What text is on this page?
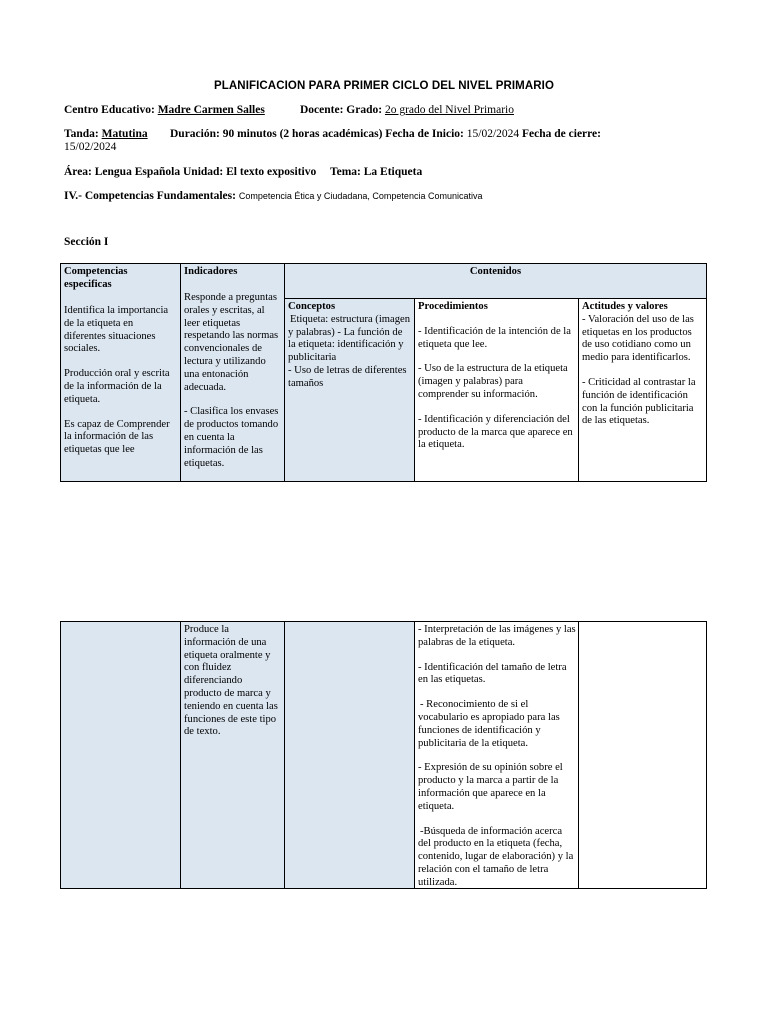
PLANIFICACION PARA PRIMER CICLO DEL NIVEL PRIMARIO
Centro Educativo: Madre Carmen Salles	Docente: Grado: 2o grado del Nivel Primario
Tanda: Matutina Duración: 90 minutos (2 horas académicas) Fecha de Inicio: 15/02/2024 Fecha de cierre:
15/02/2024
Área: Lengua Española Unidad: El texto expositivo Tema: La Etiqueta
IV.- Competencias Fundamentales: Competencia Ética y Ciudadana, Competencia Comunicativa
Sección I
Competencias especificas
Indicadores	Contenidos

Identifica la importancia de la etiqueta en diferentes situaciones sociales.

Producción oral y escrita de la información de la etiqueta.

Es capaz de Comprender la información de las etiquetas que lee

Responde a preguntas orales y escritas, al leer etiquetas respetando las normas convencionales de lectura y utilizando una entonación adecuada.

- Clasifica los envases de productos tomando en cuenta la información de las etiquetas.

Conceptos

Etiqueta: estructura (imagen y palabras) - La función de la etiqueta: identificación y publicitaria

- Uso de letras de diferentes tamaños

Procedimientos

- Identificación de la intención de la etiqueta que lee.

- Uso de la estructura de la etiqueta (imagen y palabras) para comprender su información.

- Identificación y diferenciación del producto de la marca que aparece en la etiqueta.

Actitudes y valores

- Valoración del uso de las etiquetas en los productos de uso cotidiano como un medio para identificarlos.

- Criticidad al contrastar la función de identificación con la función publicitaria de las etiquetas.

Produce la información de una etiqueta oralmente y con fluidez diferenciando producto de marca y teniendo en cuenta las funciones de este tipo de texto.

- Interpretación de las imágenes y las palabras de la etiqueta.

- Identificación del tamaño de letra en las etiquetas.

- Reconocimiento de si el vocabulario es apropiado para las funciones de identificación y publicitaria de la etiqueta.

- Expresión de su opinión sobre el producto y la marca a partir de la información que aparece en la etiqueta.

-Búsqueda de información acerca del producto en la etiqueta (fecha, contenido, lugar de elaboración) y la relación con el tamaño de letra utilizada.
